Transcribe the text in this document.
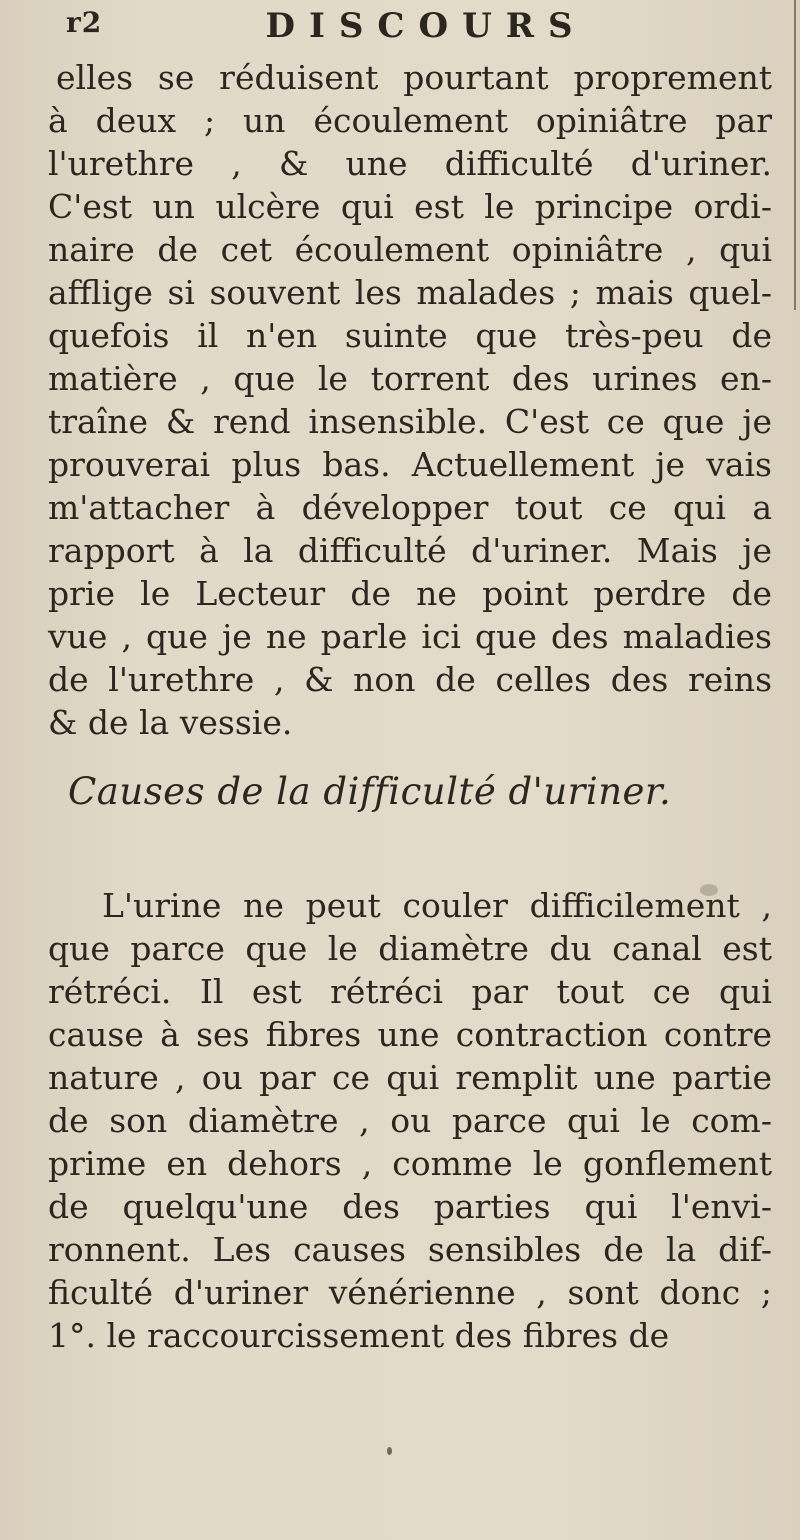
r2	DISCOURS
elles se réduisent pourtant proprement
à deux ; un écoulement opiniâtre par
l'urethre , & une difficulté d'uriner.
C'est un ulcère qui est le principe ordi-
naire de cet écoulement opiniâtre , qui
afflige si souvent les malades ; mais quel-
quefois il n'en suinte que très-peu de
matière , que le torrent des urines en-
traîne & rend insensible. C'est ce que je
prouverai plus bas. Actuellement je vais
m'attacher à développer tout ce qui a
rapport à la difficulté d'uriner. Mais je
prie le Lecteur de ne point perdre de
vue , que je ne parle ici que des maladies
de l'urethre , & non de celles des reins
& de la vessie.
Causes de la difficulté d'uriner.
L'urine ne peut couler difficilement ,
que parce que le diamètre du canal est
rétréci. Il est rétréci par tout ce qui
cause à ses fibres une contraction contre
nature , ou par ce qui remplit une partie
de son diamètre , ou parce qui le com-
prime en dehors , comme le gonflement
de quelqu'une des parties qui l'envi-
ronnent. Les causes sensibles de la dif-
ficulté d'uriner vénérienne , sont donc ;
1°. le raccourcissement des fibres de
